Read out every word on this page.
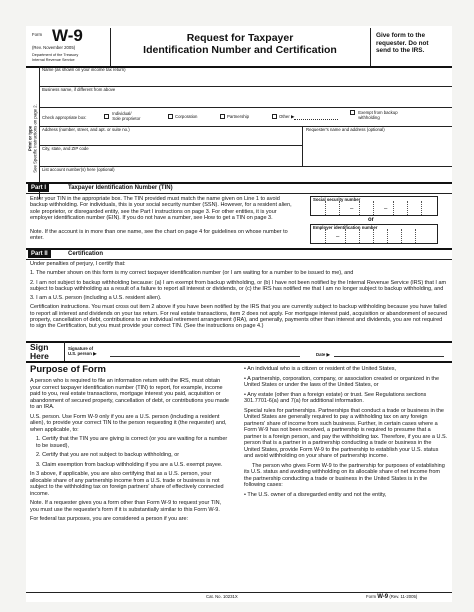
Form W-9
(Rev. November 2005)
Department of the Treasury
Internal Revenue Service
Request for Taxpayer
Identification Number and Certification
Give form to the
requester. Do not
send to the IRS.
Print or type See Specific Instructions on page 2.
Name (as shown on your income tax return)
Business name, if different from above
Check appropriate box:

Individual/
Sole proprietor	Corporation	Partnership	Other ▶

Exempt from backup
withholding
Address (number, street, and apt. or suite no.)	Requester's name and address (optional)
City, state, and ZIP code
List account number(s) here (optional)
Part I	Taxpayer Identification Number (TIN)
Enter your TIN in the appropriate box. The TIN provided must match the name given on Line 1 to avoid backup withholding. For individuals, this is your social security number (SSN). However, for a resident alien, sole proprietor, or disregarded entity, see the Part I instructions on page 3. For other entities, it is your employer identification number (EIN). If you do not have a number, see How to get a TIN on page 3.
Note. If the account is in more than one name, see the chart on page 4 for guidelines on whose number to enter.
Social security number
–	–
or
Employer identification number
–
Part II	Certification

Under penalties of perjury, I certify that:

1. The number shown on this form is my correct taxpayer identification number (or I am waiting for a number to be issued to me), and

2. I am not subject to backup withholding because: (a) I am exempt from backup withholding, or (b) I have not been notified by the Internal Revenue Service (IRS) that I am subject to backup withholding as a result of a failure to report all interest or dividends, or (c) the IRS has notified me that I am no longer subject to backup withholding, and

3. I am a U.S. person (including a U.S. resident alien).

Certification instructions. You must cross out item 2 above if you have been notified by the IRS that you are currently subject to backup withholding because you have failed to report all interest and dividends on your tax return. For real estate transactions, item 2 does not apply. For mortgage interest paid, acquisition or abandonment of secured property, cancellation of debt, contributions to an individual retirement arrangement (IRA), and generally, payments other than interest and dividends, you are not required to sign the Certification, but you must provide your correct TIN. (See the instructions on page 4.)

Sign
Here
Signature of
U.S. person ▶	Date ▶
Purpose of Form

A person who is required to file an information return with the IRS, must obtain your correct taxpayer identification number (TIN) to report, for example, income paid to you, real estate transactions, mortgage interest you paid, acquisition or abandonment of secured property, cancellation of debt, or contributions you made to an IRA.

U.S. person. Use Form W-9 only if you are a U.S. person (including a resident alien), to provide your correct TIN to the person requesting it (the requester) and, when applicable, to:

1. Certify that the TIN you are giving is correct (or you are waiting for a number to be issued),

2. Certify that you are not subject to backup withholding, or

3. Claim exemption from backup withholding if you are a U.S. exempt payee.

In 3 above, if applicable, you are also certifying that as a U.S. person, your allocable share of any partnership income from a U.S. trade or business is not subject to the withholding tax on foreign partners' share of effectively connected income.

Note. If a requester gives you a form other than Form W-9 to request your TIN, you must use the requester's form if it is substantially similar to this Form W-9.

For federal tax purposes, you are considered a person if you are:

• An individual who is a citizen or resident of the United States,

• A partnership, corporation, company, or association created or organized in the United States or under the laws of the United States, or

• Any estate (other than a foreign estate) or trust. See Regulations sections 301.7701-6(a) and 7(a) for additional information.

Special rules for partnerships. Partnerships that conduct a trade or business in the United States are generally required to pay a withholding tax on any foreign partners' share of income from such business. Further, in certain cases where a Form W-9 has not been received, a partnership is required to presume that a partner is a foreign person, and pay the withholding tax. Therefore, if you are a U.S. person that is a partner in a partnership conducting a trade or business in the United States, provide Form W-9 to the partnership to establish your U.S. status and avoid withholding on your share of partnership income.

The person who gives Form W-9 to the partnership for purposes of establishing its U.S. status and avoiding withholding on its allocable share of net income from the partnership conducting a trade or business in the United States is in the following cases:

• The U.S. owner of a disregarded entity and not the entity,

Cat. No. 10231X	Form W-9 (Rev. 11-2005)
